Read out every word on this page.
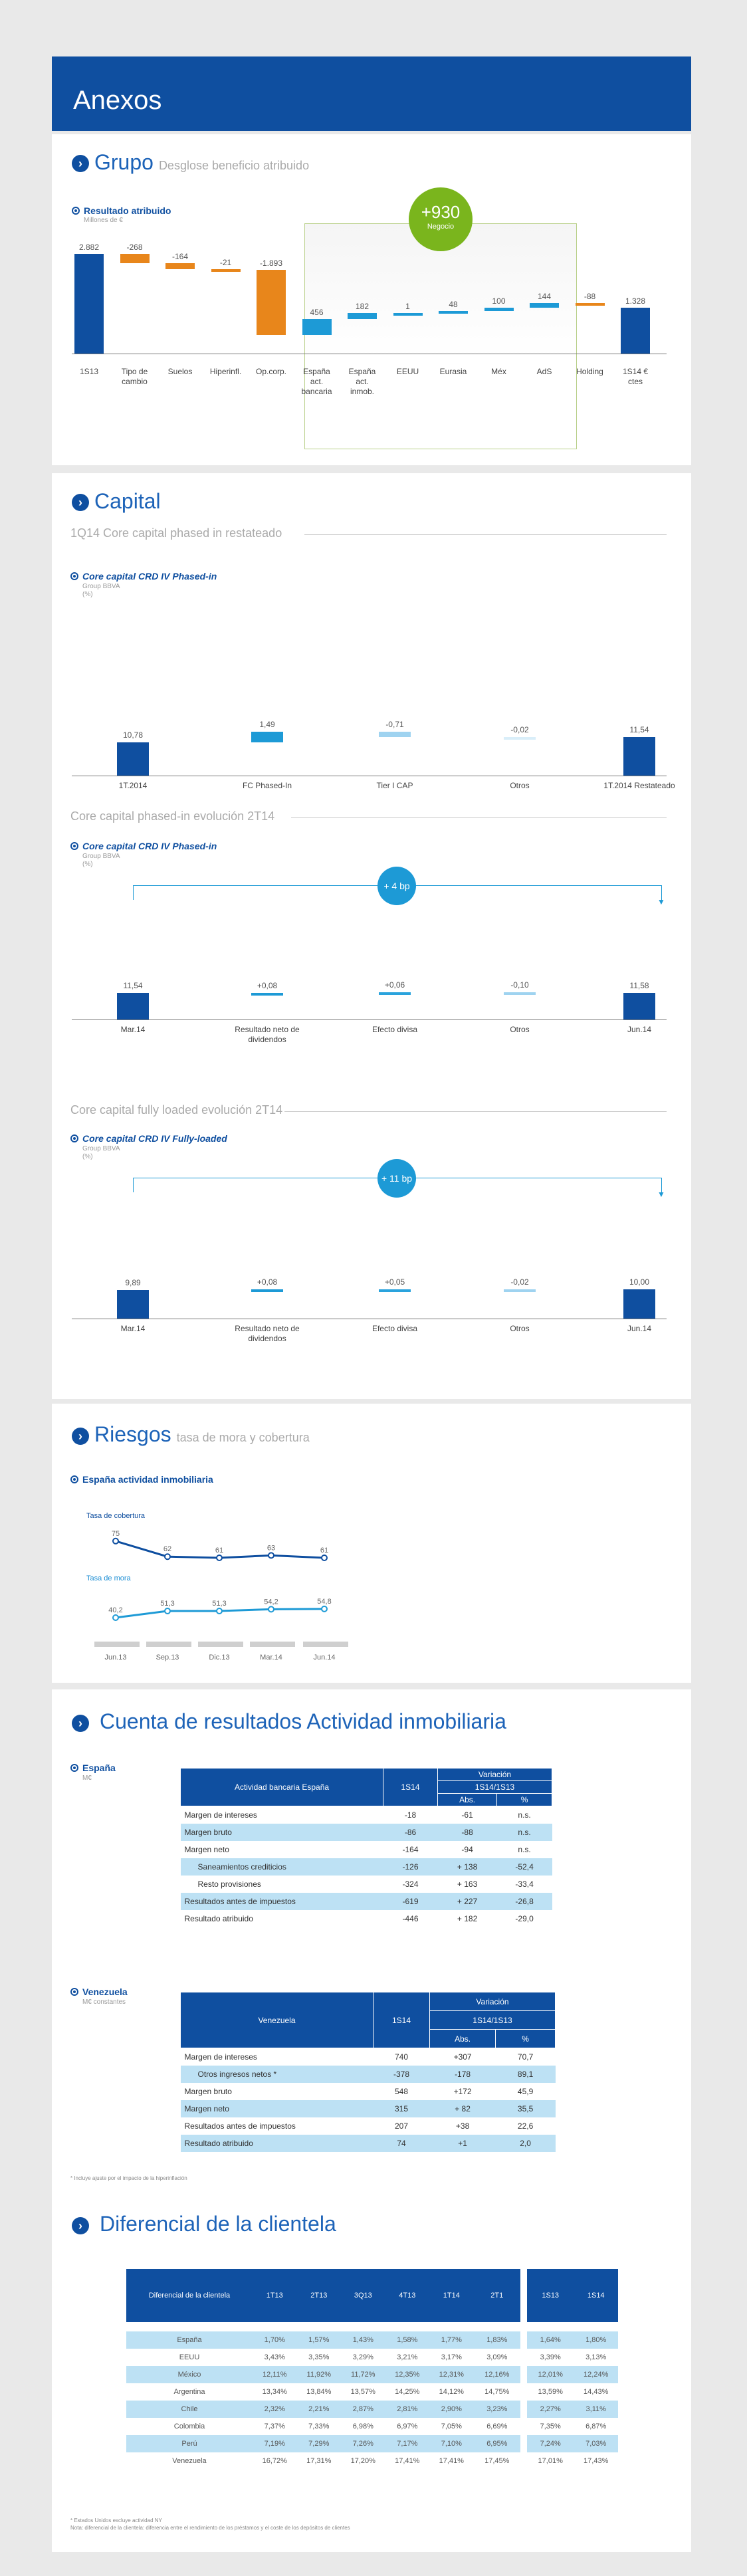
Anexos
› Grupo Desglose beneficio atribuido
Resultado atribuido
Millones de €	+930
Negocio
2.882
1S13
-268
Tipo de
cambio
-164
Suelos
-21
Hiperinfl.
-1.893
Op.corp.
456
España
act.
bancaria
182
España
act.
inmob.
1
EEUU
48
Eurasia
100
Méx
144
AdS
-88
Holding
1.328
1S14 €
ctes
› Capital
1Q14 Core capital phased in restateado
Core capital CRD IV Phased-in
Group BBVA
(%)
10,78
1T.2014
1,49
FC Phased-In
-0,71
Tier I CAP
-0,02
Otros
11,54
1T.2014 Restateado
Core capital phased-in evolución 2T14
Core capital CRD IV Phased-in
Group BBVA
(%)
11,54
Mar.14
+0,08
Resultado neto de
dividendos
+0,06
Efecto divisa
-0,10
Otros
11,58
Jun.14
▼
+ 4 bp
Core capital fully loaded evolución 2T14
Core capital CRD IV Fully-loaded
Group BBVA
(%)
9,89
Mar.14
+0,08
Resultado neto de
dividendos
+0,05
Efecto divisa
-0,02
Otros
10,00
Jun.14
▼
+ 11 bp
› Riesgos tasa de mora y cobertura
España actividad inmobiliaria
Tasa de cobertura
Tasa de mora
75
62	61	63	61
40,2
51,3	51,3	54,2	54,8
Jun.13	Sep.13	Dic.13	Mar.14	Jun.14
› Cuenta de resultados Actividad inmobiliaria
España
M€
Actividad bancaria España	1S14	Variación	
		1S14/1S13	
		Abs.	%
Margen de intereses	-18	-61	n.s.
Margen bruto	-86	-88	n.s.
Margen neto	-164	-94	n.s.
Saneamientos crediticios	-126	+ 138	-52,4
Resto provisiones	-324	+ 163	-33,4
Resultados antes de impuestos	-619	+ 227	-26,8
Resultado atribuido	-446	+ 182	-29,0
Venezuela
M€ constantes
Venezuela	1S14	Variación	
		1S14/1S13	
		Abs.	%
Margen de intereses	740	+307	70,7
Otros ingresos netos *	-378	-178	89,1
Margen bruto	548	+172	45,9
Margen neto	315	+ 82	35,5
Resultados antes de impuestos	207	+38	22,6
Resultado atribuido	74	+1	2,0
* Incluye ajuste por el impacto de la hiperinflación
› Diferencial de la clientela
Diferencial de la clientela	1T13	2T13	3Q13	4T13	1T14	2T1	1S13	1S14

España	1,70%	1,57%	1,43%	1,58%	1,77%	1,83%	1,64%	1,80%
EEUU	3,43%	3,35%	3,29%	3,21%	3,17%	3,09%	3,39%	3,13%
México	12,11%	11,92%	11,72%	12,35%	12,31%	12,16%	12,01%	12,24%
Argentina	13,34%	13,84%	13,57%	14,25%	14,12%	14,75%	13,59%	14,43%
Chile	2,32%	2,21%	2,87%	2,81%	2,90%	3,23%	2,27%	3,11%
Colombia	7,37%	7,33%	6,98%	6,97%	7,05%	6,69%	7,35%	6,87%
Perú	7,19%	7,29%	7,26%	7,17%	7,10%	6,95%	7,24%	7,03%
Venezuela	16,72%	17,31%	17,20%	17,41%	17,41%	17,45%	17,01%	17,43%
* Estados Unidos excluye actividad NY
Nota: diferencial de la clientela: diferencia entre el rendimiento de los préstamos y el coste de los depósitos de clientes
